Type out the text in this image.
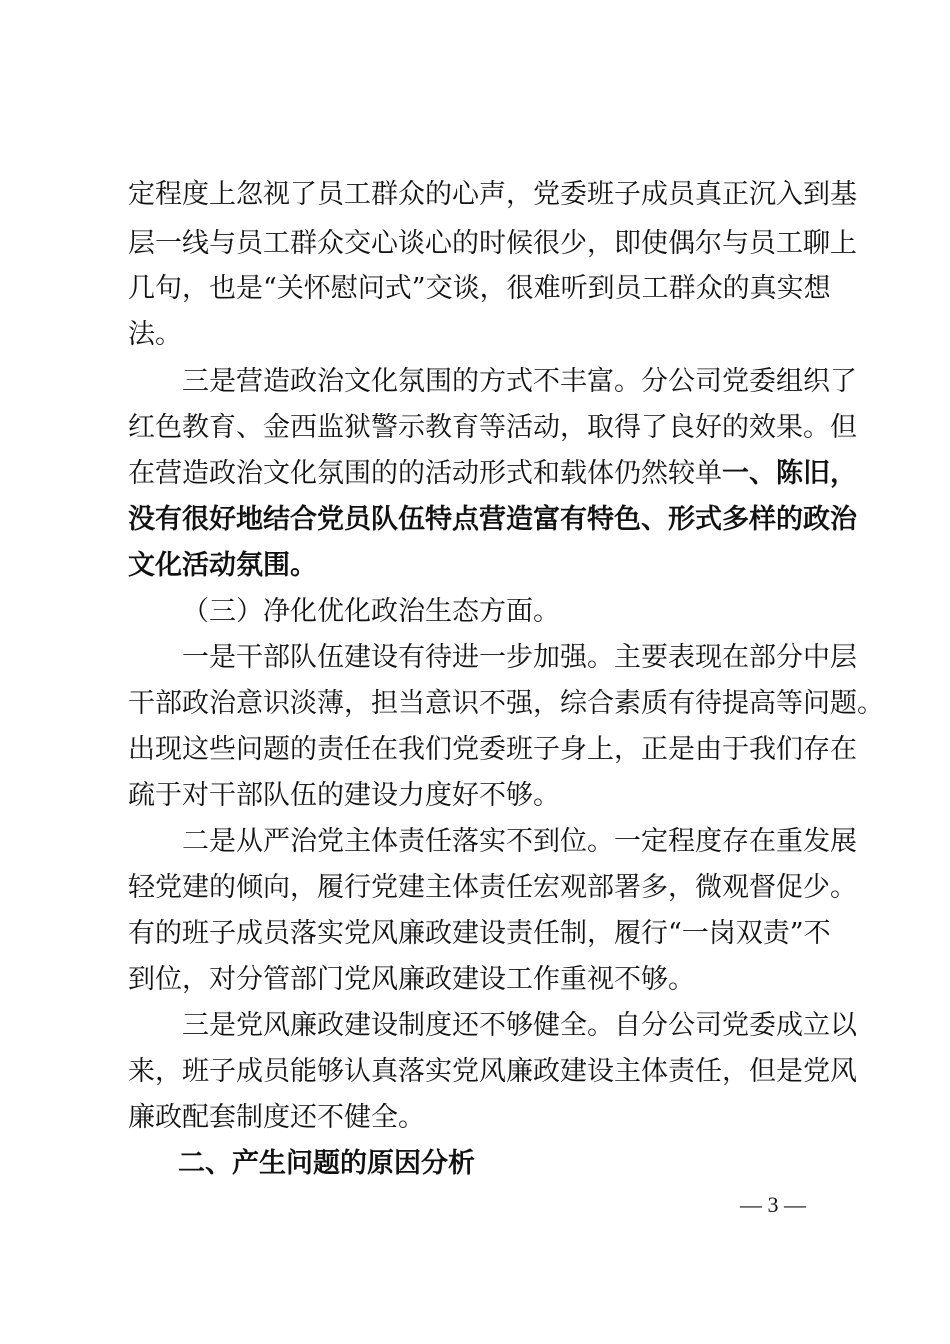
定程度上忽视了员工群众的心声，党委班子成员真正沉入到基
层一线与员工群众交心谈心的时候很少，即使偶尔与员工聊上
几句，也是“关怀慰问式”交谈，很难听到员工群众的真实想
法。
三是营造政治文化氛围的方式不丰富。分公司党委组织了
红色教育、金西监狱警示教育等活动，取得了良好的效果。但
在营造政治文化氛围的的活动形式和载体仍然较单一、陈旧，
没有很好地结合党员队伍特点营造富有特色、形式多样的政治
文化活动氛围。
（三）净化优化政治生态方面。
一是干部队伍建设有待进一步加强。主要表现在部分中层
干部政治意识淡薄，担当意识不强，综合素质有待提高等问题。
出现这些问题的责任在我们党委班子身上，正是由于我们存在
疏于对干部队伍的建设力度好不够。
二是从严治党主体责任落实不到位。一定程度存在重发展
轻党建的倾向，履行党建主体责任宏观部署多，微观督促少。
有的班子成员落实党风廉政建设责任制，履行“一岗双责”不
到位，对分管部门党风廉政建设工作重视不够。
三是党风廉政建设制度还不够健全。自分公司党委成立以
来，班子成员能够认真落实党风廉政建设主体责任，但是党风
廉政配套制度还不健全。
二、产生问题的原因分析
— 3 —
